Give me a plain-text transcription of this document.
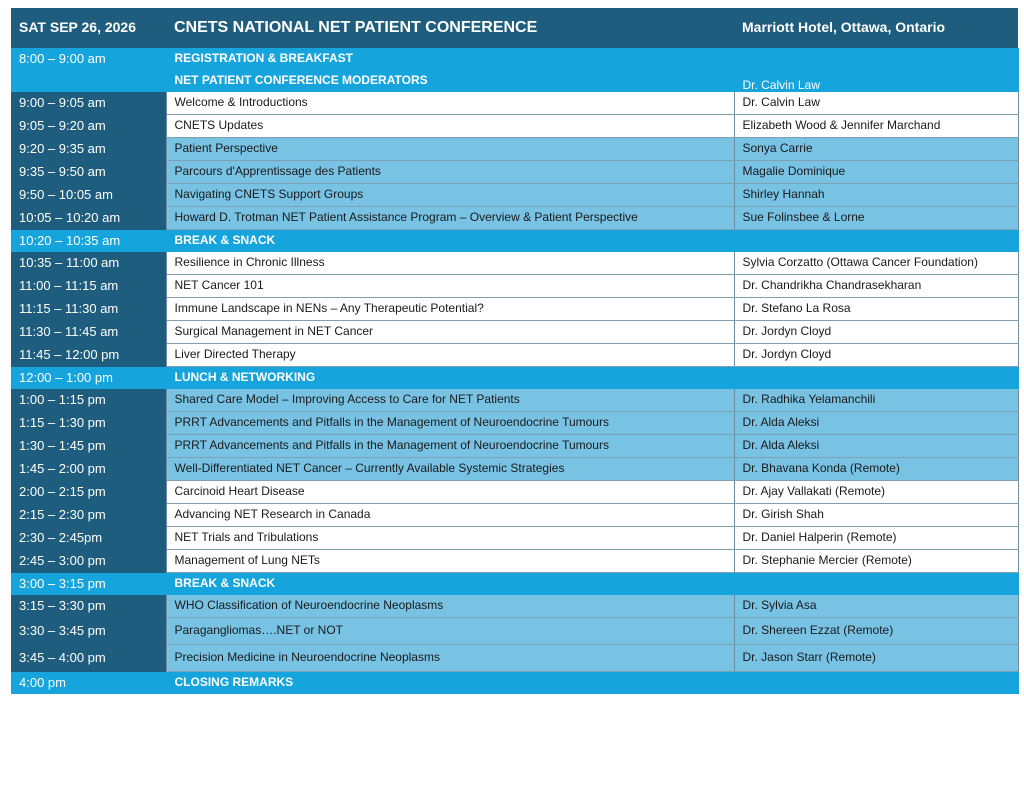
SAT SEP 26, 2026	CNETS NATIONAL NET PATIENT CONFERENCE	Marriott Hotel, Ottawa, Ontario
8:00 – 9:00 am	REGISTRATION & BREAKFAST	
	NET PATIENT CONFERENCE MODERATORS	Dr. Calvin Law
9:00 – 9:05 am	Welcome & Introductions	Dr. Calvin Law
9:05 – 9:20 am	CNETS Updates	Elizabeth Wood & Jennifer Marchand
9:20 – 9:35 am	Patient Perspective	Sonya Carrie
9:35 – 9:50 am	Parcours d'Apprentissage des Patients	Magalie Dominique
9:50 – 10:05 am	Navigating CNETS Support Groups	Shirley Hannah
10:05 – 10:20 am	Howard D. Trotman NET Patient Assistance Program – Overview & Patient Perspective	Sue Folinsbee & Lorne
10:20 – 10:35 am	BREAK & SNACK	
10:35 – 11:00 am	Resilience in Chronic Illness	Sylvia Corzatto (Ottawa Cancer Foundation)
11:00 – 11:15 am	NET Cancer 101	Dr. Chandrikha Chandrasekharan
11:15 – 11:30 am	Immune Landscape in NENs – Any Therapeutic Potential?	Dr. Stefano La Rosa
11:30 – 11:45 am	Surgical Management in NET Cancer	Dr. Jordyn Cloyd
11:45 – 12:00 pm	Liver Directed Therapy	Dr. Jordyn Cloyd
12:00 – 1:00 pm	LUNCH & NETWORKING	
1:00 – 1:15 pm	Shared Care Model – Improving Access to Care for NET Patients	Dr. Radhika Yelamanchili
1:15 – 1:30 pm	PRRT Advancements and Pitfalls in the Management of Neuroendocrine Tumours	Dr. Alda Aleksi
1:30 – 1:45 pm	PRRT Advancements and Pitfalls in the Management of Neuroendocrine Tumours	Dr. Alda Aleksi
1:45 – 2:00 pm	Well-Differentiated NET Cancer – Currently Available Systemic Strategies	Dr. Bhavana Konda (Remote)
2:00 – 2:15 pm	Carcinoid Heart Disease	Dr. Ajay Vallakati (Remote)
2:15 – 2:30 pm	Advancing NET Research in Canada	Dr. Girish Shah
2:30 – 2:45pm	NET Trials and Tribulations	Dr. Daniel Halperin (Remote)
2:45 – 3:00 pm	Management of Lung NETs	Dr. Stephanie Mercier (Remote)
3:00 – 3:15 pm	BREAK & SNACK	
3:15 – 3:30 pm	WHO Classification of Neuroendocrine Neoplasms	Dr. Sylvia Asa
3:30 – 3:45 pm	Paragangliomas….NET or NOT	Dr. Shereen Ezzat (Remote)
3:45 – 4:00 pm	Precision Medicine in Neuroendocrine Neoplasms	Dr. Jason Starr (Remote)
4:00 pm	CLOSING REMARKS	
